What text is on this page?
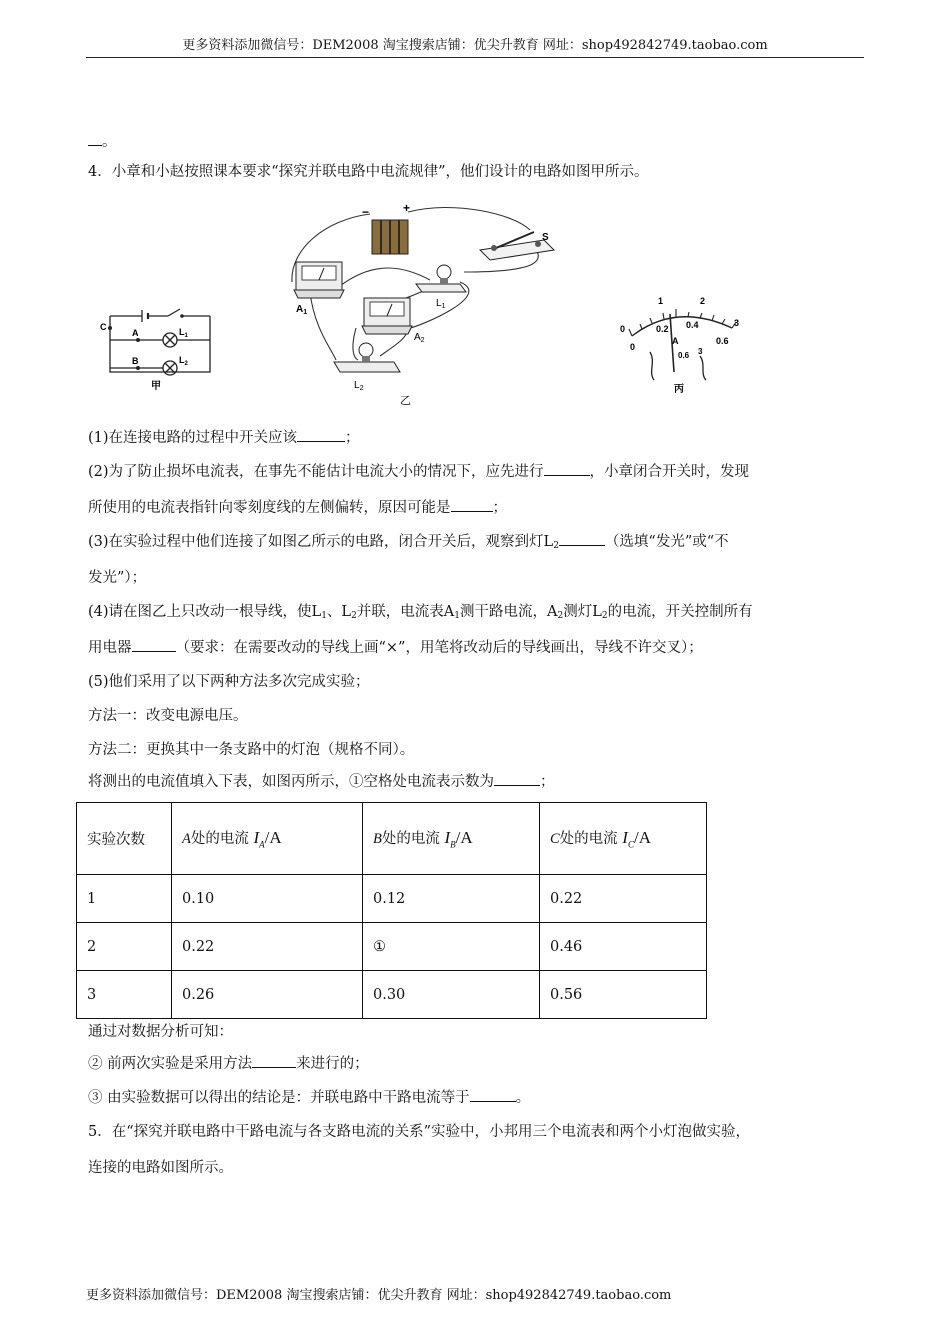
更多资料添加微信号：DEM2008 淘宝搜索店铺：优尖升教育 网址：shop492842749.taobao.com
。
4．小章和小赵按照课本要求“探究并联电路中电流规律”，他们设计的电路如图甲所示。
C
A
B
$L_1$
$L_2$
甲
−	+
S
$A_1$
$L_1$
$A_2$
$L_2$
乙
0
1	2
3
0
0.2 0.4
0.6
A
0.6 3
丙
(1)在连接电路的过程中开关应该	；
(2)为了防止损坏电流表，在事先不能估计电流大小的情况下，应先进行	，小章闭合开关时，发现
所使用的电流表指针向零刻度线的左侧偏转，原因可能是	；
(3)在实验过程中他们连接了如图乙所示的电路，闭合开关后，观察到灯$L_2$	（选填“发光”或“不
发光”）；
(4)请在图乙上只改动一根导线，使$L_1$、$L_2$并联，电流表$A_1$测干路电流，$A_2$测灯$L_2$的电流，开关控制所有
用电器	（要求：在需要改动的导线上画“×”，用笔将改动后的导线画出，导线不许交叉）；
(5)他们采用了以下两种方法多次完成实验；
方法一：改变电源电压。
方法二：更换其中一条支路中的灯泡（规格不同）。
将测出的电流值填入下表，如图丙所示，①空格处电流表示数为	；
实验次数	A处的电流 $I_A/A$	B处的电流 $I_B/A$	C处的电流 $I_C/A$
1	0.10	0.12	0.22
2	0.22	①	0.46
3	0.26	0.30	0.56
通过对数据分析可知：
② 前两次实验是采用方法	来进行的；
③ 由实验数据可以得出的结论是：并联电路中干路电流等于	。
5．在“探究并联电路中干路电流与各支路电流的关系”实验中，小邦用三个电流表和两个小灯泡做实验，
连接的电路如图所示。
更多资料添加微信号：DEM2008 淘宝搜索店铺：优尖升教育 网址：shop492842749.taobao.com
